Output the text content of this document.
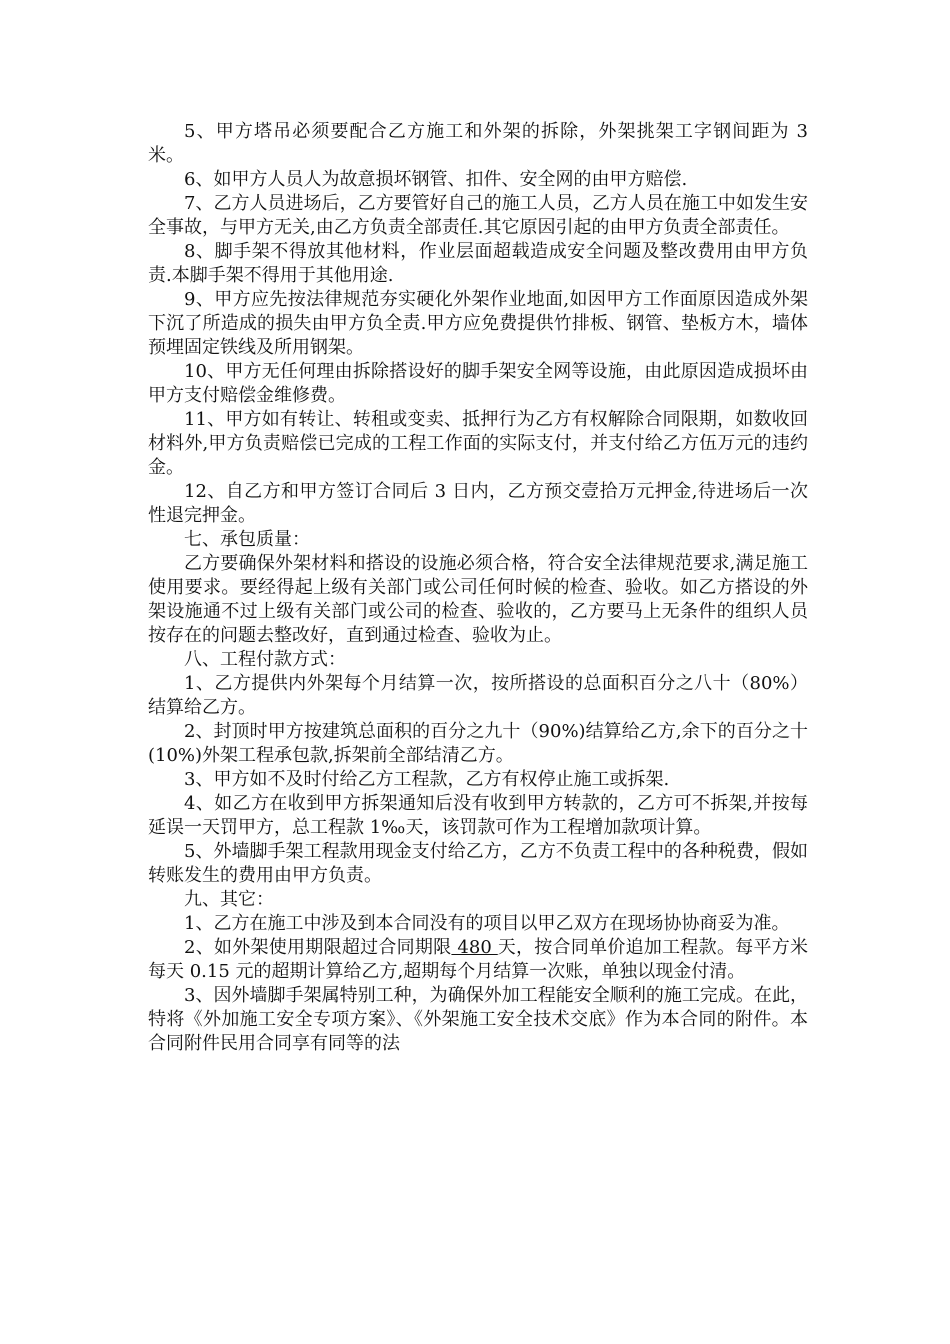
5、甲方塔吊必须要配合乙方施工和外架的拆除，外架挑架工字钢间距为 3 米。

6、如甲方人员人为故意损坏钢管、扣件、安全网的由甲方赔偿.

7、乙方人员进场后，乙方要管好自己的施工人员，乙方人员在施工中如发生安全事故，与甲方无关,由乙方负责全部责任.其它原因引起的由甲方负责全部责任。

8、脚手架不得放其他材料，作业层面超载造成安全问题及整改费用由甲方负责.本脚手架不得用于其他用途.

9、甲方应先按法律规范夯实硬化外架作业地面,如因甲方工作面原因造成外架下沉了所造成的损失由甲方负全责.甲方应免费提供竹排板、钢管、垫板方木，墙体预埋固定铁线及所用钢架。

10、甲方无任何理由拆除搭设好的脚手架安全网等设施，由此原因造成损坏由甲方支付赔偿金维修费。

11、甲方如有转让、转租或变卖、抵押行为乙方有权解除合同限期，如数收回材料外,甲方负责赔偿已完成的工程工作面的实际支付，并支付给乙方伍万元的违约金。

12、自乙方和甲方签订合同后 3 日内，乙方预交壹拾万元押金,待进场后一次性退完押金。

七、承包质量：

乙方要确保外架材料和搭设的设施必须合格，符合安全法律规范要求,满足施工使用要求。要经得起上级有关部门或公司任何时候的检查、验收。如乙方搭设的外架设施通不过上级有关部门或公司的检查、验收的，乙方要马上无条件的组织人员按存在的问题去整改好，直到通过检查、验收为止。

八、工程付款方式：

1、乙方提供内外架每个月结算一次，按所搭设的总面积百分之八十（80%）结算给乙方。

2、封顶时甲方按建筑总面积的百分之九十（90%)结算给乙方,余下的百分之十(10%)外架工程承包款,拆架前全部结清乙方。

3、甲方如不及时付给乙方工程款，乙方有权停止施工或拆架.

4、如乙方在收到甲方拆架通知后没有收到甲方转款的，乙方可不拆架,并按每延误一天罚甲方，总工程款 1‰天，该罚款可作为工程增加款项计算。

5、外墙脚手架工程款用现金支付给乙方，乙方不负责工程中的各种税费，假如转账发生的费用由甲方负责。

九、其它：

1、乙方在施工中涉及到本合同没有的项目以甲乙双方在现场协协商妥为准。

2、如外架使用期限超过合同期限 480 天，按合同单价追加工程款。每平方米每天 0.15 元的超期计算给乙方,超期每个月结算一次账，单独以现金付清。

3、因外墙脚手架属特别工种，为确保外加工程能安全顺利的施工完成。在此，特将《外加施工安全专项方案》、《外架施工安全技术交底》作为本合同的附件。本合同附件民用合同享有同等的法
